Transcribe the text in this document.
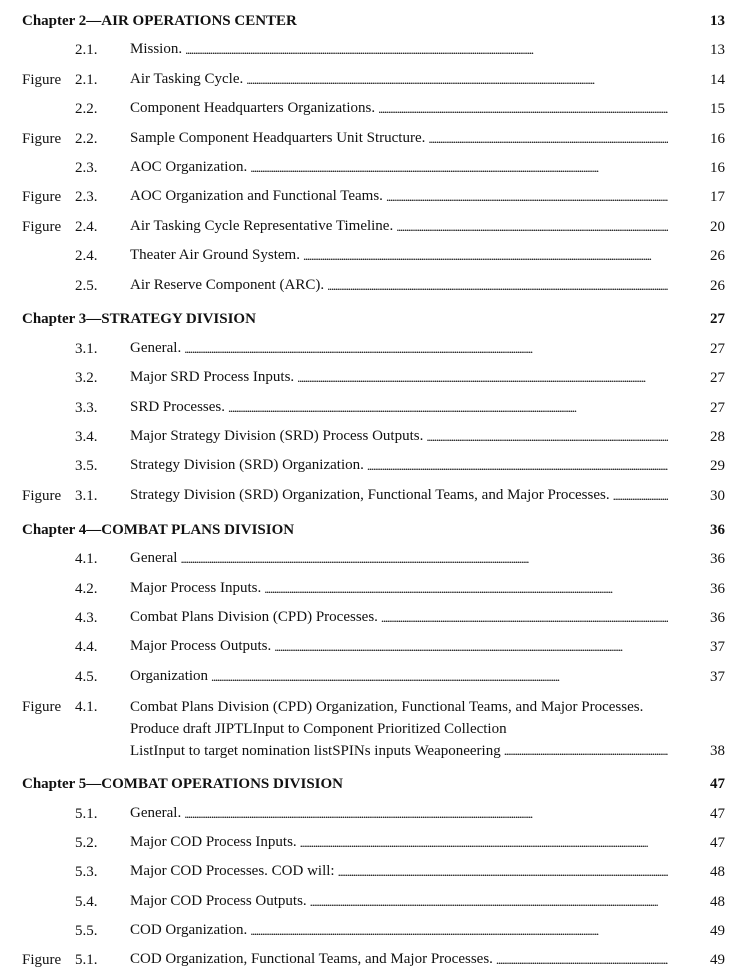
Chapter 2—AIR OPERATIONS CENTER	13
2.1.	Mission. . . .	13
Figure 2.1.	Air Tasking Cycle. . . .	14
2.2.	Component Headquarters Organizations. . . .	15
Figure 2.2.	Sample Component Headquarters Unit Structure. . . .	16
2.3.	AOC Organization. . . .	16
Figure 2.3.	AOC Organization and Functional Teams. . . .	17
Figure 2.4.	Air Tasking Cycle Representative Timeline. . . .	20
2.4.	Theater Air Ground System. . . .	26
2.5.	Air Reserve Component (ARC). . . .	26
Chapter 3—STRATEGY DIVISION	27
3.1.	General. . . .	27
3.2.	Major SRD Process Inputs. . . .	27
3.3.	SRD Processes. . . .	27
3.4.	Major Strategy Division (SRD) Process Outputs. . . .	28
3.5.	Strategy Division (SRD) Organization. . . .	29
Figure 3.1.	Strategy Division (SRD) Organization, Functional Teams, and Major Processes. . . .	30
Chapter 4—COMBAT PLANS DIVISION	36
4.1.	General . . .	36
4.2.	Major Process Inputs. . . .	36
4.3.	Combat Plans Division (CPD) Processes. . . .	36
4.4.	Major Process Outputs. . . .	37
4.5.	Organization . . .	37
Figure 4.1.	Combat Plans Division (CPD) Organization, Functional Teams, and Major Processes. Produce draft JIPTLInput to Component Prioritized Collection
ListInput to target nomination listSPINs inputs Weaponeering . . .	38
Chapter 5—COMBAT OPERATIONS DIVISION	47
5.1.	General. . . .	47
5.2.	Major COD Process Inputs. . . .	47
5.3.	Major COD Processes. COD will: . . .	48
5.4.	Major COD Process Outputs. . . .	48
5.5.	COD Organization. . . .	49
Figure 5.1.	COD Organization, Functional Teams, and Major Processes. . . .	49
